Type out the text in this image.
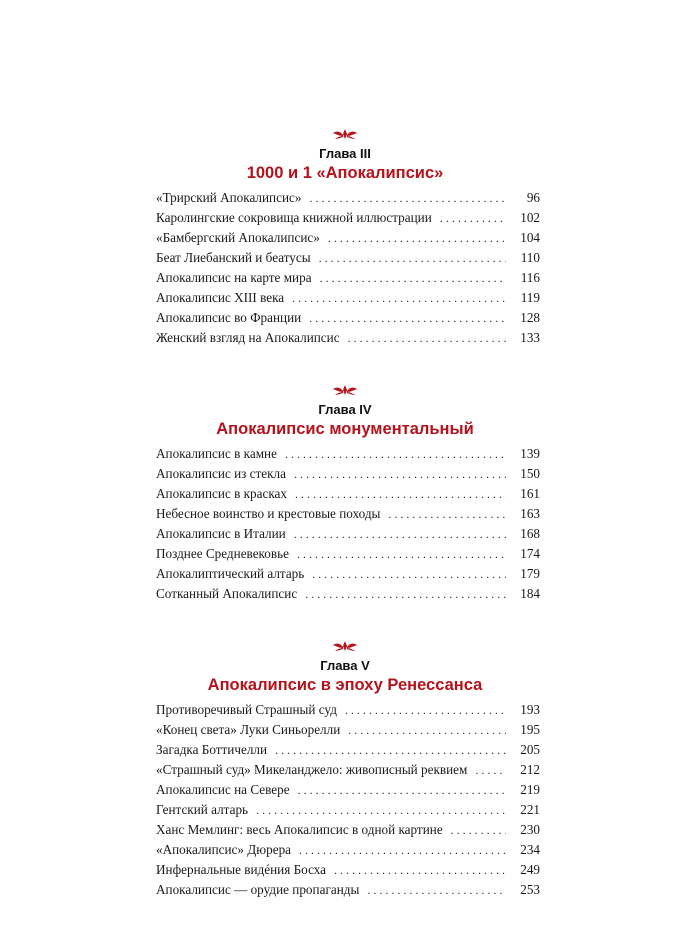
Глава III
1000 и 1 «Апокалипсис»
«Трирский Апокалипсис» . . .	96
Каролингские сокровища книжной иллюстрации . . .	102
«Бамбергский Апокалипсис» . . .	104
Беат Лиебанский и беатусы . . .	110
Апокалипсис на карте мира . . .	116
Апокалипсис XIII века . . .	119
Апокалипсис во Франции . . .	128
Женский взгляд на Апокалипсис . . .	133
Глава IV
Апокалипсис монументальный
Апокалипсис в камне . . .	139
Апокалипсис из стекла . . .	150
Апокалипсис в красках . . .	161
Небесное воинство и крестовые походы . . .	163
Апокалипсис в Италии . . .	168
Позднее Средневековье . . .	174
Апокалиптический алтарь . . .	179
Сотканный Апокалипсис . . .	184
Глава V
Апокалипсис в эпоху Ренессанса
Противоречивый Страшный суд . . .	193
«Конец света» Луки Синьорелли . . .	195
Загадка Боттичелли . . .	205
«Страшный суд» Микеланджело: живописный реквием . . .	212
Апокалипсис на Севере . . .	219
Гентский алтарь . . .	221
Ханс Мемлинг: весь Апокалипсис в одной картине . . .	230
«Апокалипсис» Дюрера . . .	234
Инфернальные видéния Босха . . .	249
Апокалипсис — орудие пропаганды . . .	253
